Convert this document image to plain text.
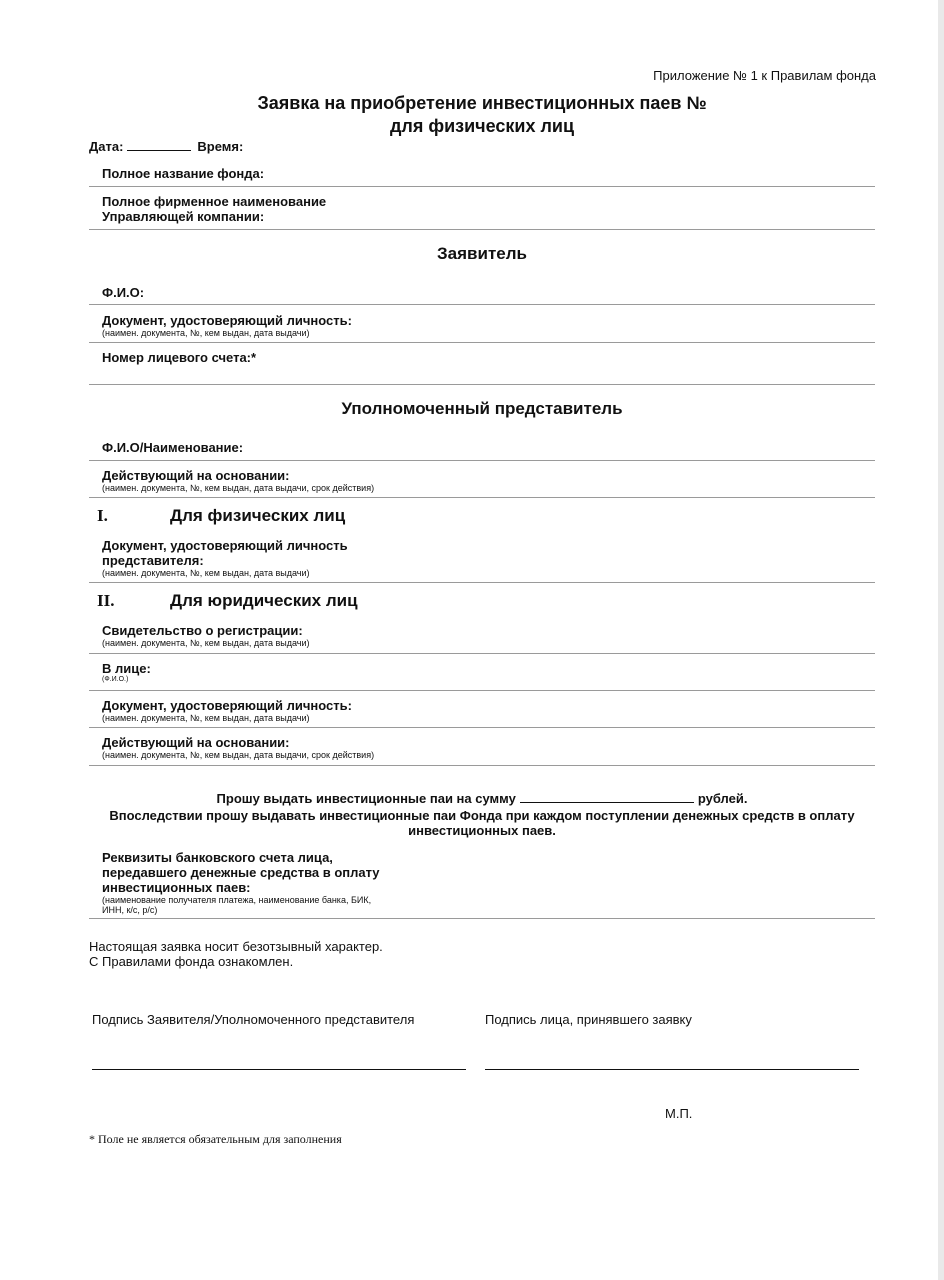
Приложение № 1 к Правилам фонда
Заявка на приобретение инвестиционных паев №
для физических лиц
Дата:	Время:
Полное название фонда:
Полное фирменное наименование
Управляющей компании:
Заявитель
Ф.И.О:
Документ, удостоверяющий личность:
(наимен. документа, №, кем выдан, дата выдачи)
Номер лицевого счета:*
Уполномоченный представитель
Ф.И.О/Наименование:
Действующий на основании:
(наимен. документа, №, кем выдан, дата выдачи, срок действия)
I.	Для физических лиц
Документ, удостоверяющий личность
представителя:
(наимен. документа, №, кем выдан, дата выдачи)
II.	Для юридических лиц
Свидетельство о регистрации:
(наимен. документа, №, кем выдан, дата выдачи)
В лице:
(Ф.И.О.)
Документ, удостоверяющий личность:
(наимен. документа, №, кем выдан, дата выдачи)
Действующий на основании:
(наимен. документа, №, кем выдан, дата выдачи, срок действия)
Прошу выдать инвестиционные паи на сумму	рублей.
Впоследствии прошу выдавать инвестиционные паи Фонда при каждом поступлении денежных средств в оплату
инвестиционных паев.
Реквизиты банковского счета лица,
передавшего денежные средства в оплату
инвестиционных паев:
(наименование получателя платежа, наименование банка, БИК,
ИНН, к/с, р/с)
Настоящая заявка носит безотзывный характер.
С Правилами фонда ознакомлен.
Подпись Заявителя/Уполномоченного представителя	Подпись лица, принявшего заявку
М.П.
* Поле не является обязательным для заполнения
